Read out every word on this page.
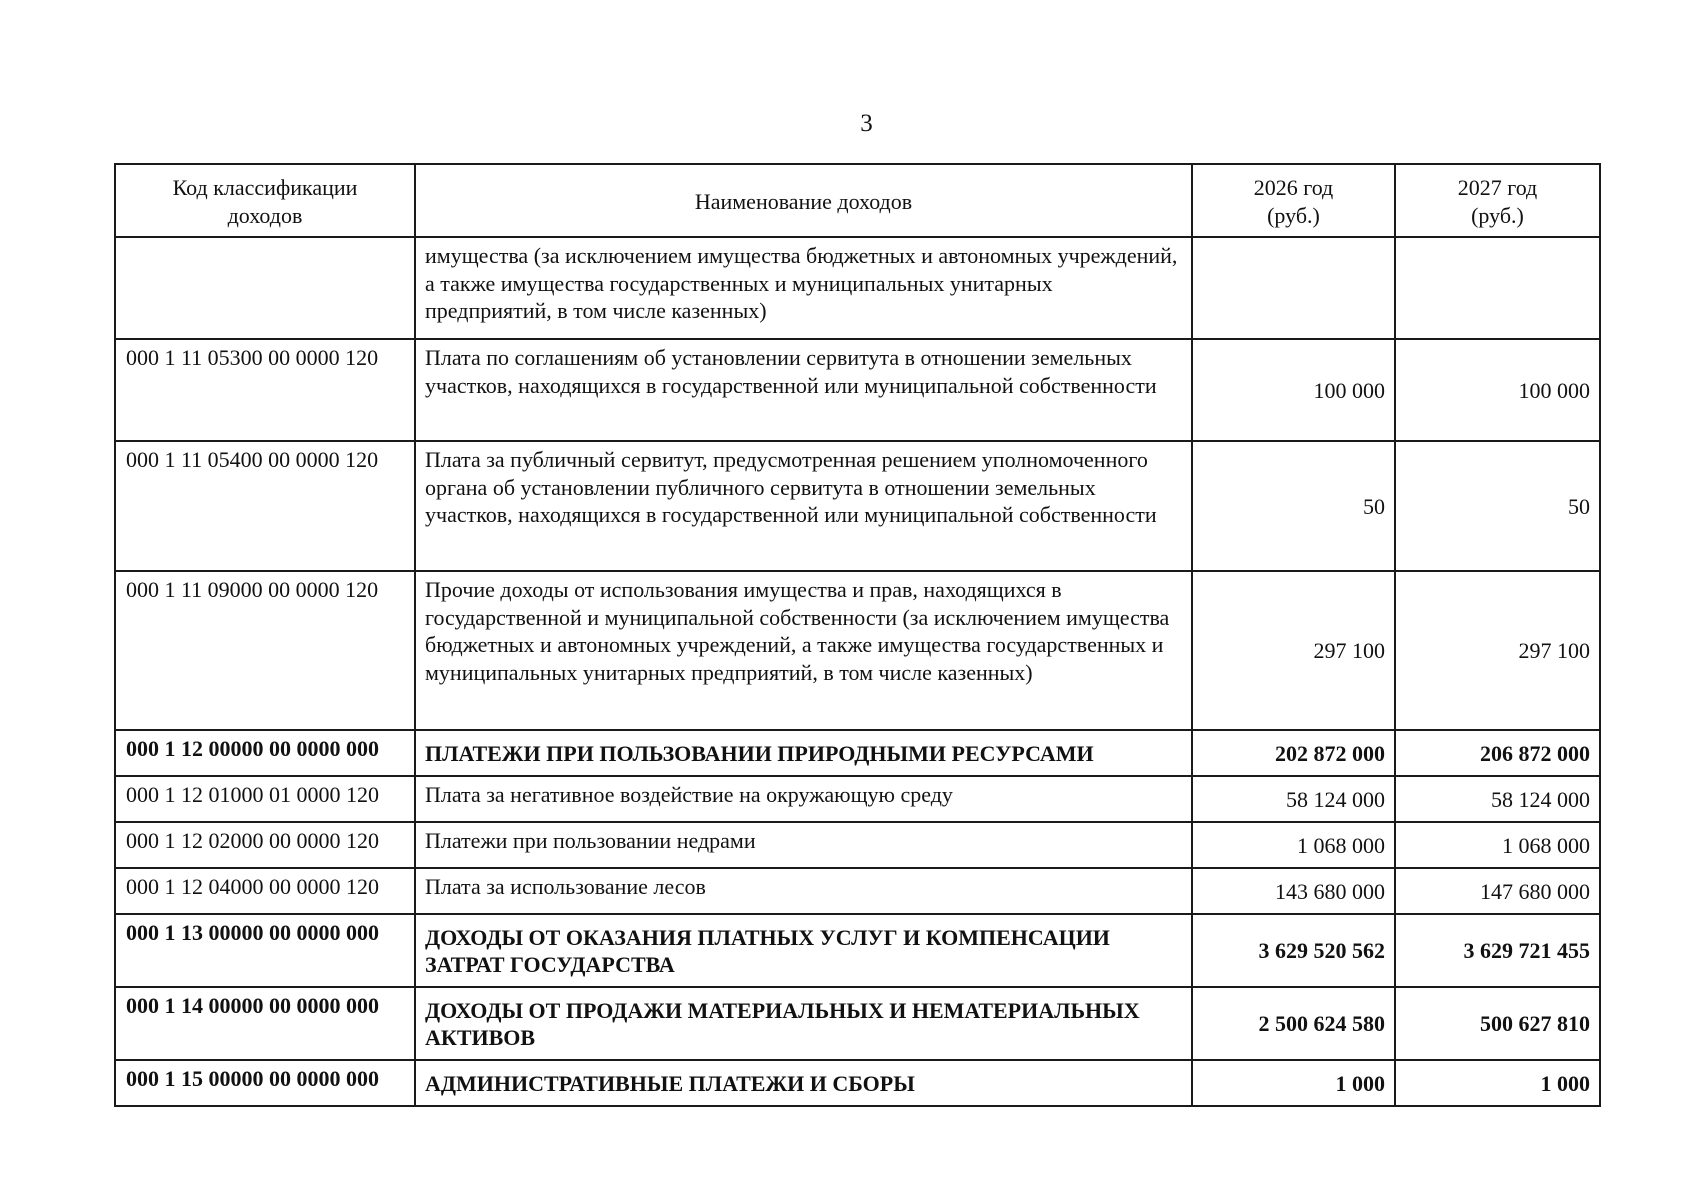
3
Код классификации доходов	Наименование доходов	2026 год (руб.)	2027 год (руб.)
	имущества (за исключением имущества бюджетных и автономных учреждений, а также имущества государственных и муниципальных унитарных предприятий, в том числе казенных)		
000 1 11 05300 00 0000 120	Плата по соглашениям об установлении сервитута в отношении земельных участков, находящихся в государственной или муниципальной собственности	100 000	100 000
000 1 11 05400 00 0000 120	Плата за публичный сервитут, предусмотренная решением уполномоченного органа об установлении публичного сервитута в отношении земельных участков, находящихся в государственной или муниципальной собственности	50	50
000 1 11 09000 00 0000 120	Прочие доходы от использования имущества и прав, находящихся в государственной и муниципальной собственности (за исключением имущества бюджетных и автономных учреждений, а также имущества государственных и муниципальных унитарных предприятий, в том числе казенных)	297 100	297 100
000 1 12 00000 00 0000 000	ПЛАТЕЖИ ПРИ ПОЛЬЗОВАНИИ ПРИРОДНЫМИ РЕСУРСАМИ	202 872 000	206 872 000
000 1 12 01000 01 0000 120	Плата за негативное воздействие на окружающую среду	58 124 000	58 124 000
000 1 12 02000 00 0000 120	Платежи при пользовании недрами	1 068 000	1 068 000
000 1 12 04000 00 0000 120	Плата за использование лесов	143 680 000	147 680 000
000 1 13 00000 00 0000 000	ДОХОДЫ ОТ ОКАЗАНИЯ ПЛАТНЫХ УСЛУГ И КОМПЕНСАЦИИ ЗАТРАТ ГОСУДАРСТВА	3 629 520 562	3 629 721 455
000 1 14 00000 00 0000 000	ДОХОДЫ ОТ ПРОДАЖИ МАТЕРИАЛЬНЫХ И НЕМАТЕРИАЛЬНЫХ АКТИВОВ	2 500 624 580	500 627 810
000 1 15 00000 00 0000 000	АДМИНИСТРАТИВНЫЕ ПЛАТЕЖИ И СБОРЫ	1 000	1 000
